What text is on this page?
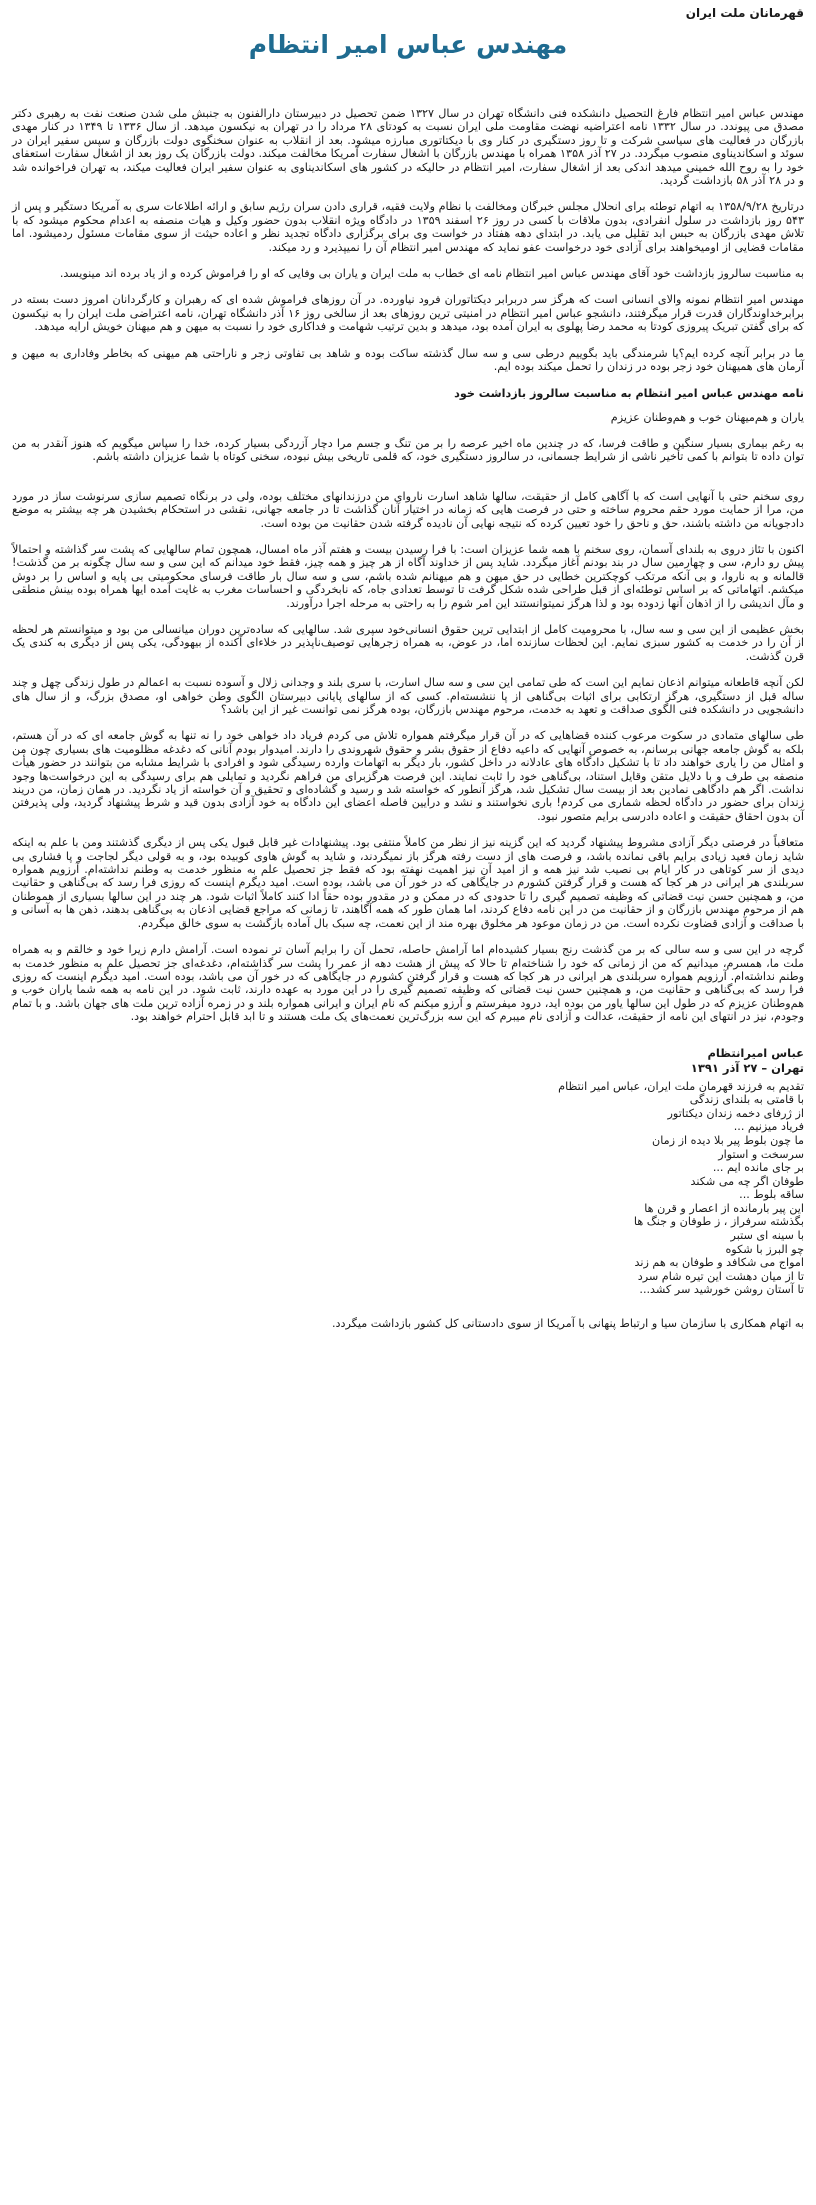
قهرمانان ملت ایران
مهندس عباس امیر انتظام

مهندس عباس امیر انتظام فارغ التحصیل دانشکده فنی دانشگاه تهران در سال ۱۳۲۷ ضمن تحصیل در دبیرستان دارالفنون به جنبش ملی شدن صنعت نفت به رهبری دکتر مصدق می پیوندد. در سال ۱۳۳۲ نامه اعتراضیه نهضت مقاومت ملی ایران نسبت به کودتای ۲۸ مرداد را در تهران به نیکسون میدهد. از سال ۱۳۳۶ تا ۱۳۴۹ در کنار مهدی بازرگان در فعالیت های سیاسی شرکت و تا روز دستگیری در کنار وی با دیکتاتوری مبارزه میشود. بعد از انقلاب به عنوان سخنگوی دولت بازرگان و سپس سفیر ایران در سوئد و اسکاندیناوی منصوب میگردد. در ۲۷ آذر ۱۳۵۸ همراه با مهندس بازرگان با اشغال سفارت آمریکا مخالفت میکند. دولت بازرگان یک روز بعد از اشغال سفارت استعفای خود را به روح الله خمینی میدهد اندکی بعد از اشغال سفارت، امیر انتظام در حالیکه در کشور های اسکاندیناوی به عنوان سفیر ایران فعالیت میکند، به تهران فراخوانده شد و در ۲۸ آذر ۵۸ بازداشت گردید.

درتاریخ ۱۳۵۸/۹/۲۸ به اتهام توطئه برای انحلال مجلس خبرگان ومخالفت با نظام ولایت فقیه، قراری دادن سران رژیم سابق و ارائه اطلاعات سری به آمریکا دستگیر و پس از ۵۴۳ روز بازداشت در سلول انفرادی، بدون ملاقات با کسی در روز ۲۶ اسفند ۱۳۵۹ در دادگاه ویژه انقلاب بدون حضور وکیل و هیات منصفه به اعدام محکوم میشود که با تلاش مهدی بازرگان به حبس ابد تقلیل می یابد. در ابتدای دهه هفتاد در خواست وی برای برگزاری دادگاه تجدید نظر و اعاده حیثت از سوی مقامات مسئول ردمیشود. اما مقامات قضایی از اومیخواهند برای آزادی خود درخواست عفو نماید که مهندس امیر انتظام آن را نمیپذیرد و رد میکند.

به مناسبت سالروز بازداشت خود آقای مهندس عباس امیر انتظام نامه ای خطاب به ملت ایران و یاران بی وفایی که او را فراموش کرده و از یاد برده اند مینویسد.

مهندس امیر انتظام نمونه والای انسانی است که هرگز سر دربرابر دیکتاتوران فرود نیاورده. در آن روزهای فراموش شده ای که رهبران و کارگردانان امروز دست بسته در برابرخداوندگاران قدرت قرار میگرفتند، دانشجو عباس امیر انتظام در امنیتی ترین روزهای بعد از سالخی روز ۱۶ آذر دانشگاه تهران، نامه اعتراضی ملت ایران را به نیکسون که برای گفتن تبریک پیروزی کودتا به محمد رضا پهلوی به ایران آمده بود، میدهد و بدین ترتیب شهامت و فداکاری خود را نسبت به میهن و هم میهنان خویش ارایه میدهد.

ما در برابر آنچه کرده ایم؟یا شرمندگی باید بگوییم درطی سی و سه سال گذشته ساکت بوده و شاهد بی تفاوتی زجر و ناراحتی هم میهنی که بخاطر وفاداری به میهن و آرمان های همیهنان خود زجر بوده در زندان را تحمل میکند بوده ایم.

نامه مهندس عباس امیر انتظام به مناسبت سالروز بازداشت خود

یاران و هم‌میهنان خوب و هم‌وطنان عزیزم

به رغم بیماری بسیار سنگین و طاقت فرسا، که در چندین ماه اخیر عرصه را بر من تنگ و جسم مرا دچار آزردگی بسیار کرده، خدا را سپاس میگویم که هنوز آنقدر به من توان داده تا بتوانم با کمی تأخیر ناشی از شرایط جسمانی، در سالروز دستگیری خود، که قلمی تاریخی بیش نبوده، سخنی کوتاه با شما عزیزان داشته باشم.

روی سخنم حتی با آنهایی است که با آگاهی کامل از حقیقت، سالها شاهد اسارت ناروای من درزندانهای مختلف بوده، ولی در برنگاه تصمیم سازی سرنوشت ساز در مورد من، مرا از حمایت مورد حقم محروم ساخته و حتی در فرصت هایی که زمانه در اختیار آنان گذاشت تا در جامعه جهانی، نقشی در استحکام بخشیدن هر چه بیشتر به موضع دادجویانه من داشته باشند، حق و ناحق را خود تعیین کرده که نتیجه نهایی آن نادیده گرفته شدن حقانیت من بوده است.

اکنون با تئاز دروی به بلندای آسمان، روی سخنم با همه شما عزیزان است: با فرا رسیدن بیست و هفتم آذر ماه امسال، همچون تمام سالهایی که پشت سر گذاشته و احتمالاً پیش رو دارم، سی و چهارمین سال در بند بودنم آغاز میگردد. شاید پس از خداوند آگاه از هر چیز و همه چیز، فقط خود میدانم که این سی و سه سال چگونه بر من گذشت! قالمانه و به ناروا، و بی آنکه مرتکب کوچکترین خطایی در حق میهن و هم میهنانم شده باشم، سی و سه سال بار طاقت فرسای محکومیتی بی پایه و اساس را بر دوش میکشم. اتهاماتی که بر اساس توطئه‌ای از قبل طراحی شده شکل گرفت تا توسط تعدادی جاه، که نابخردگی و احساسات مغرب به غایت آمده ایها همراه بوده بینش منطقی و مآل اندیشی را از اذهان آنها زدوده بود و لذا هرگز نمیتوانستند این امر شوم را به راحتی به مرحله اجرا درآورند.

بخش عظیمی از این سی و سه سال، با محرومیت کامل از ابتدایی ترین حقوق انسانی‌خود سپری شد. سالهایی که ساده‌ترین دوران میانسالی من بود و میتوانستم هر لحظه از آن را در خدمت به کشور سبزی نمایم. این لحظات سازنده اما، در عوض، به همراه زجرهایی توصیف‌ناپذیر در خلاءای آکنده از بیهودگی، یکی پس از دیگری به کندی یک قرن گذشت.

لکن آنچه قاطعانه میتوانم اذعان نمایم این است که طی تمامی این سی و سه سال اسارت، با سری بلند و وجدانی زلال و آسوده نسبت به اعمالم در طول زندگی چهل و چند ساله قبل از دستگیری، هرگز ارتکابی برای اثبات بی‌گناهی از پا ننشسته‌ام. کسی که از سالهای پایانی دبیرستان الگوی وطن خواهی او، مصدق بزرگ، و از سال های دانشجویی در دانشکده فنی الگوی صداقت و تعهد به خدمت، مرحوم مهندس بازرگان، بوده هرگز نمی توانست غیر از این باشد؟

طی سالهای متمادی در سکوت مرعوب کننده قضاهایی که در آن قرار میگرفتم همواره تلاش می کردم فریاد داد خواهی خود را نه تنها به گوش جامعه ای که در آن هستم، بلکه به گوش جامعه جهانی برسانم، به خصوص آنهایی که داعیه دفاع از حقوق بشر و حقوق شهروندی را دارند. امیدوار بودم آنانی که دغدغه مظلومیت های بسیاری چون من و امثال من را یاری خواهند داد تا با تشکیل دادگاه های عادلانه در داخل کشور، بار دیگر به اتهامات وارده رسیدگی شود و افرادی با شرایط مشابه من بتوانند در حضور هیأت منصفه بی طرف و با دلایل متقن وقایل استناد، بی‌گناهی خود را ثابت نمایند. این فرصت هرگزبرای من فراهم نگردید و تمایلی هم برای رسیدگی به این درخواست‌ها وجود نداشت. اگر هم دادگاهی نمادین بعد از بیست سال تشکیل شد، هرگز آنطور که خواسته شد و رسید و گشاده‌ای و تحقیق و آن خواسته از یاد نگردید. در همان زمان، من دریند زندان برای حضور در دادگاه لحظه شماری می کردم! باری نخواستند و نشد و درایین فاصله اعضای این دادگاه به خود آزادی بدون قید و شرط پیشنهاد گردید، ولی پذیرفتن آن بدون احقاق حقیقت و اعاده دادرسی برایم متصور نبود.

متعاقباً در فرصتی دیگر آزادی مشروط پیشنهاد گردید که این گزینه نیز از نظر من کاملاً منتفی بود. پیشنهادات غیر قابل قبول یکی پس از دیگری گذشتند ومن با علم به اینکه شاید زمان فعید زیادی برایم باقی نمانده باشد، و فرصت های از دست رفته هرگز باز نمیگردند، و شاید به گوش هاوی کوبیده بود، و به قولی دیگر لجاجت و پا فشاری بی دیدی از سر کوتاهی در کار ایام بی نصیب شد نیز همه و از امید آن نیز اهمیت نهفته بود که فقط جز تحصیل علم به منظور خدمت به وطنم نداشته‌ام. آرزویم همواره سربلندی هر ایرانی در هر کجا که هست و قرار گرفتن کشورم در جایگاهی که در خور آن می باشد، بوده است. امید دیگرم اینست که روزی فرا رسد که بی‌گناهی و حقانیت من، و همچنین حسن نیت قضاتی که وظیفه تصمیم گیری را تا حدودی که در ممکن و در مقدور بوده حقاً ادا کنند کاملاً اثبات شود. هر چند در این سالها بسیاری از هموطنان هم از مرحوم مهندس بازرگان و از حقانیت من در این نامه دفاع کردند، اما همان طور که همه آگاهند، تا زمانی که مراجع قضایی اذعان به بی‌گناهی بدهند، ذهن ها به آسانی و با صداقت و آزادی قضاوت نکرده است. من در زمان موعود هر مخلوق بهره مند از این نعمت، چه سبک بال آماده بازگشت به سوی خالق میگردم.

گرچه در این سی و سه سالی که بر من گذشت رنج بسیار کشیده‌ام اما آرامش حاصله، تحمل آن را برایم آسان تر نموده است. آرامش دارم زیرا خود و خالقم و به همراه ملت ما، همسرم، میدانیم که من از زمانی که خود را شناخته‌ام تا حالا که پیش از هشت دهه از عمر را پشت سر گذاشته‌ام، دغدغه‌ای جز تحصیل علم به منظور خدمت به وطنم نداشته‌ام. آرزویم همواره سربلندی هر ایرانی در هر کجا که هست و قرار گرفتن کشورم در جایگاهی که در خور آن می باشد، بوده است. امید دیگرم اینست که روزی فرا رسد که بی‌گناهی و حقانیت من، و همچنین حسن نیت قضاتی که وظیفه تصمیم گیری را در این مورد به عهده دارند، ثابت شود. در این نامه به همه شما یاران خوب و هم‌وطنان عزیزم که در طول این سالها یاور من بوده اید، درود میفرستم و آرزو میکنم که نام ایران و ایرانی همواره بلند و در زمره آزاده ترین ملت های جهان باشد. و با تمام وجودم، نیز در انتهای این نامه از حقیقت، عدالت و آزادی نام میبرم که این سه بزرگ‌ترین نعمت‌های یک ملت هستند و تا ابد قابل احترام خواهند بود.

عباس امیرانتظام

تهران – ۲۷ آذر ۱۳۹۱

تقدیم به فرزند قهرمان ملت ایران، عباس امیر انتظام
با قامتی به بلندای زندگی
از ژرفای دخمه زندان دیکتاتور
فریاد میزنیم ...
ما چون بلوط پیر بلا دیده از زمان
سرسخت و استوار
بر جای مانده ایم ...
طوفان اگر چه می شکند
ساقه بلوط ...
این پیر بارمانده از اعصار و قرن ها
بگذشته سرفراز ، ز طوفان و جنگ ها
با سینه ای ستبر
چو البرز با شکوه
امواج می شکافد و طوفان به هم زند
تا از میان دهشت این تیره شام سرد
تا آستان روشن خورشید سر کشد...

به اتهام همکاری با سازمان سیا و ارتباط پنهانی با آمریکا از سوی دادستانی کل کشور بازداشت میگردد.
